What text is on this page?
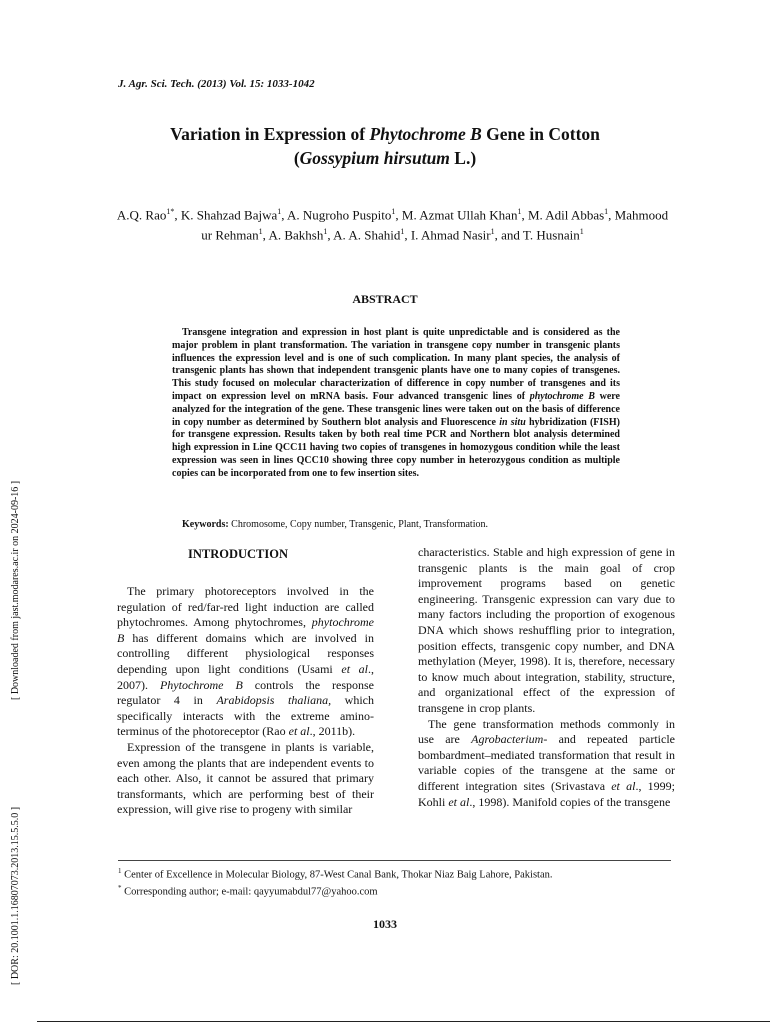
J. Agr. Sci. Tech. (2013) Vol. 15: 1033-1042
Variation in Expression of Phytochrome B Gene in Cotton
(Gossypium hirsutum L.)
A.Q. Rao$^{1*}$, K. Shahzad Bajwa$^1$, A. Nugroho Puspito$^1$, M. Azmat Ullah Khan$^1$, M. Adil Abbas$^1$, Mahmood ur Rehman$^1$, A. Bakhsh$^1$, A. A. Shahid$^1$, I. Ahmad Nasir$^1$, and T. Husnain$^1$
ABSTRACT
Transgene integration and expression in host plant is quite unpredictable and is considered as the major problem in plant transformation. The variation in transgene copy number in transgenic plants influences the expression level and is one of such complication. In many plant species, the analysis of transgenic plants has shown that independent transgenic plants have one to many copies of transgenes. This study focused on molecular characterization of difference in copy number of transgenes and its impact on expression level on mRNA basis. Four advanced transgenic lines of phytochrome B were analyzed for the integration of the gene. These transgenic lines were taken out on the basis of difference in copy number as determined by Southern blot analysis and Fluorescence in situ hybridization (FISH) for transgene expression. Results taken by both real time PCR and Northern blot analysis determined high expression in Line QCC11 having two copies of transgenes in homozygous condition while the least expression was seen in lines QCC10 showing three copy number in heterozygous condition as multiple copies can be incorporated from one to few insertion sites.
Keywords: Chromosome, Copy number, Transgenic, Plant, Transformation.
INTRODUCTION

The primary photoreceptors involved in the regulation of red/far-red light induction are called phytochromes. Among phytochromes, phytochrome B has different domains which are involved in controlling different physiological responses depending upon light conditions (Usami et al., 2007). Phytochrome B controls the response regulator 4 in Arabidopsis thaliana, which specifically interacts with the extreme amino-terminus of the photoreceptor (Rao et al., 2011b).

Expression of the transgene in plants is variable, even among the plants that are independent events to each other. Also, it cannot be assured that primary transformants, which are performing best of their expression, will give rise to progeny with similar

characteristics. Stable and high expression of gene in transgenic plants is the main goal of crop improvement programs based on genetic engineering. Transgenic expression can vary due to many factors including the proportion of exogenous DNA which shows reshuffling prior to integration, position effects, transgenic copy number, and DNA methylation (Meyer, 1998). It is, therefore, necessary to know much about integration, stability, structure, and organizational effect of the expression of transgene in crop plants.

The gene transformation methods commonly in use are Agrobacterium- and repeated particle bombardment–mediated transformation that result in variable copies of the transgene at the same or different integration sites (Srivastava et al., 1999; Kohli et al., 1998). Manifold copies of the transgene

$^1$ Center of Excellence in Molecular Biology, 87-West Canal Bank, Thokar Niaz Baig Lahore, Pakistan.
* Corresponding author; e-mail: qayyumabdul77@yahoo.com
1033
[ Downloaded from jast.modares.ac.ir on 2024-09-16 ]
[ DOR: 20.1001.1.16807073.2013.15.5.5.0 ]
